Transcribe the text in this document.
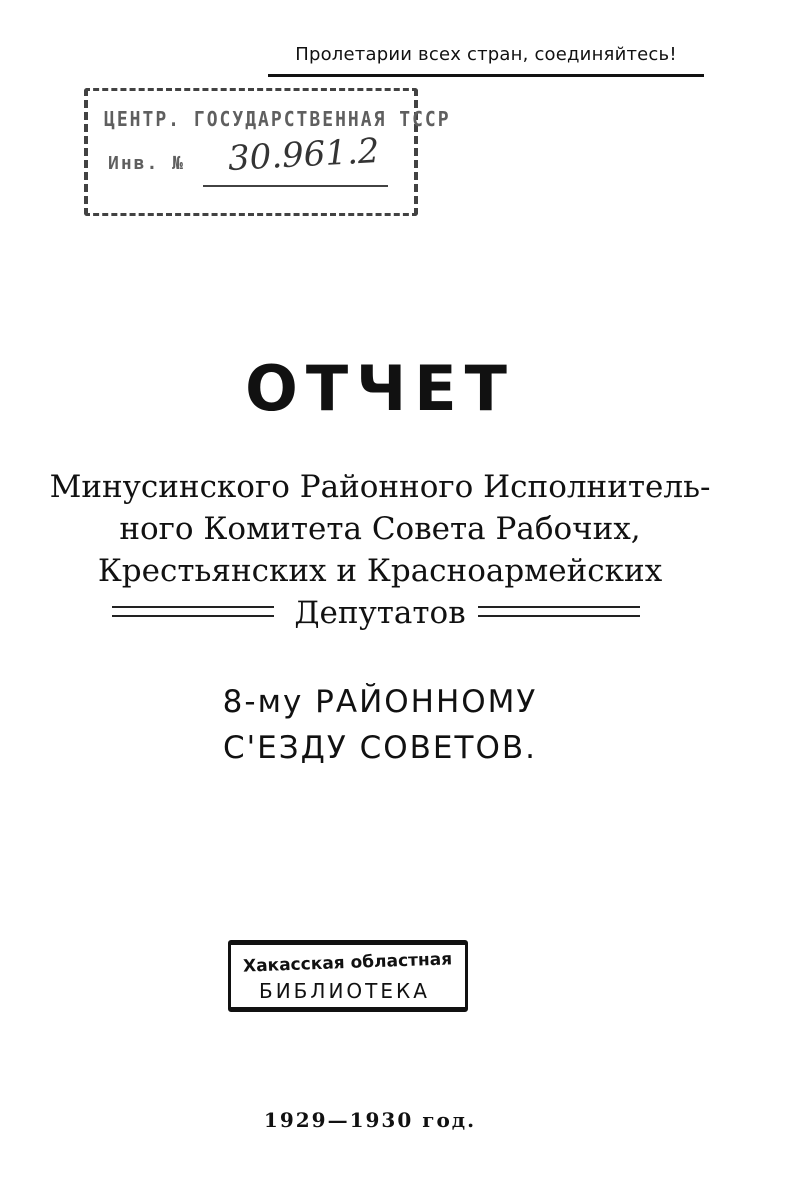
Пролетарии всех стран, соединяйтесь!
ЦЕНТР. ГОСУДАРСТВЕННАЯ ТССР
Инв. № 30.961.2
ОТЧЕТ
Минусинского Районного Исполнитель-
ного Комитета Совета Рабочих,
Крестьянских и Красноармейских
Депутатов
8-му РАЙОННОМУ
С'ЕЗДУ СОВЕТОВ.
Хакасская областная
БИБЛИОТЕКА
1929—1930 год.
